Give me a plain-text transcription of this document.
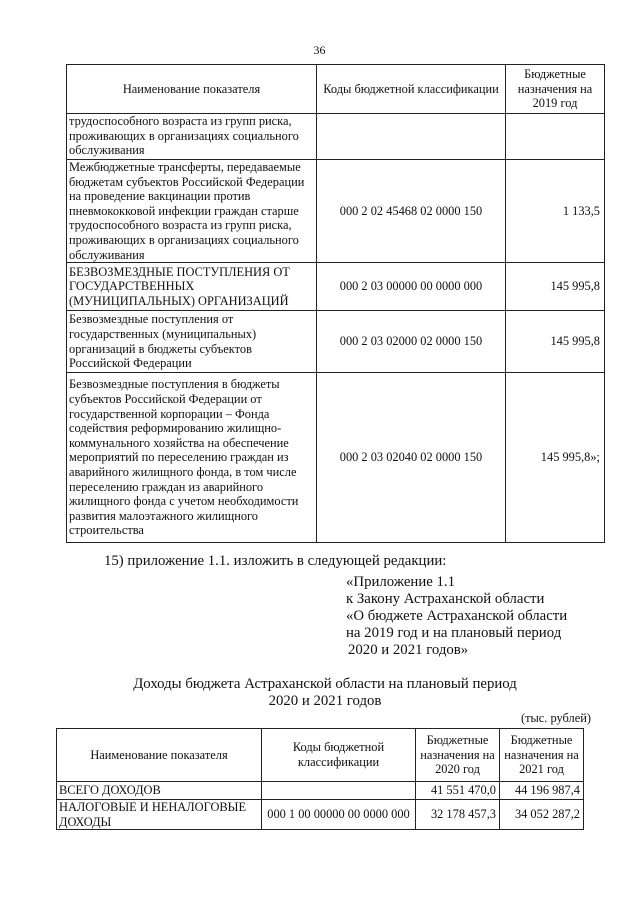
36
Наименование показателя	Коды бюджетной классификации	Бюджетные назначения на 2019 год
трудоспособного возраста из групп риска, проживающих в организациях социального обслуживания		
Межбюджетные трансферты, передаваемые бюджетам субъектов Российской Федерации на проведение вакцинации против пневмококковой инфекции граждан старше трудоспособного возраста из групп риска, проживающих в организациях социального обслуживания	000 2 02 45468 02 0000 150	1 133,5
БЕЗВОЗМЕЗДНЫЕ ПОСТУПЛЕНИЯ ОТ ГОСУДАРСТВЕННЫХ (МУНИЦИПАЛЬНЫХ) ОРГАНИЗАЦИЙ	000 2 03 00000 00 0000 000	145 995,8
Безвозмездные поступления от государственных (муниципальных) организаций в бюджеты субъектов Российской Федерации	000 2 03 02000 02 0000 150	145 995,8
Безвозмездные поступления в бюджеты субъектов Российской Федерации от государственной корпорации – Фонда содействия реформированию жилищно-коммунального хозяйства на обеспечение мероприятий по переселению граждан из аварийного жилищного фонда, в том числе переселению граждан из аварийного жилищного фонда с учетом необходимости развития малоэтажного жилищного строительства	000 2 03 02040 02 0000 150	145 995,8»;
15) приложение 1.1. изложить в следующей редакции:
«Приложение 1.1
к Закону Астраханской области
«О бюджете Астраханской области
на 2019 год и на плановый период
2020 и 2021 годов»
Доходы бюджета Астраханской области на плановый период
2020 и 2021 годов
(тыс. рублей)
Наименование показателя	Коды бюджетной классификации	Бюджетные назначения на 2020 год	Бюджетные назначения на 2021 год
ВСЕГО ДОХОДОВ		41 551 470,0	44 196 987,4
НАЛОГОВЫЕ И НЕНАЛОГОВЫЕ ДОХОДЫ	000 1 00 00000 00 0000 000	32 178 457,3	34 052 287,2
